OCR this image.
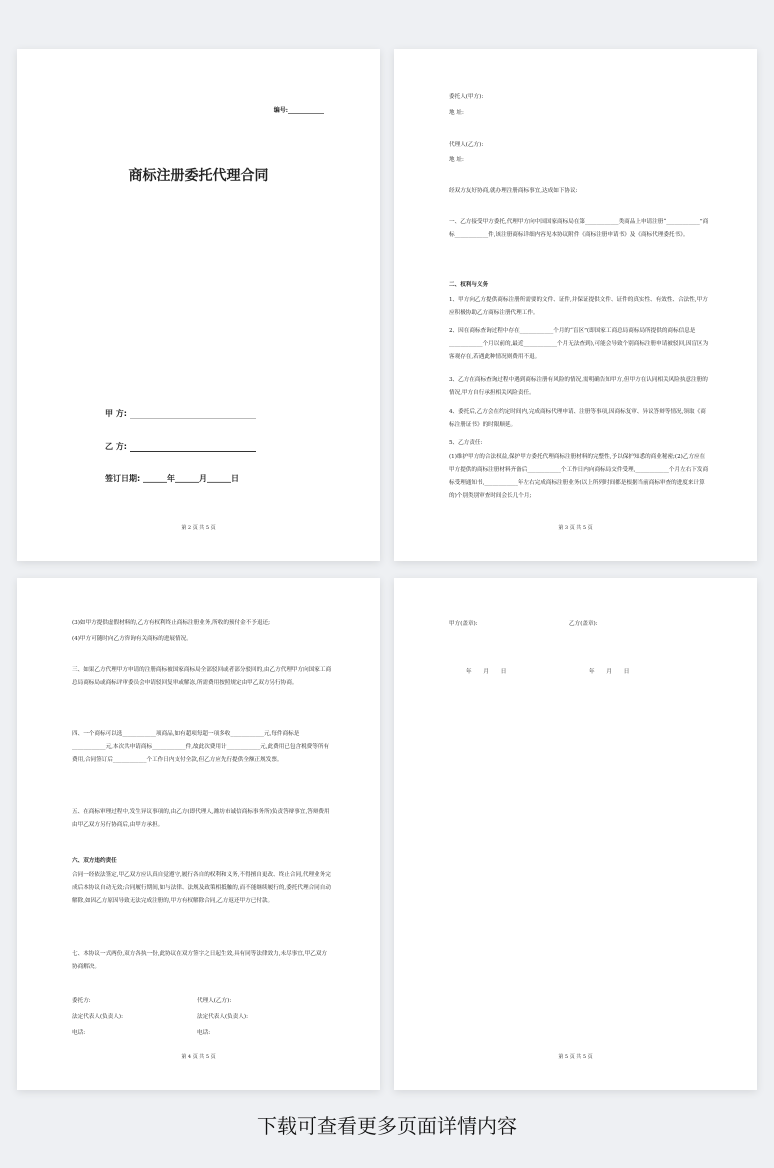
编号:____________
商标注册委托代理合同
甲 方:
乙 方:
签订日期: ______年______月______日
第 2 页 共 5 页
委托人(甲方):
地 址:
代理人(乙方):
地 址:
经双方友好协商,就办理注册商标事宜,达成如下协议:
一、乙方接受甲方委托,代理甲方向中国国家商标局在第____________类商品上申请注册“____________”商标____________件,该注册商标详细内容见本协议附件《商标注册申请书》及《商标代理委托书》。
二、权利与义务
1、甲方向乙方提供商标注册所需要的文件、证件,并保证提供文件、证件的真实性、有效性、合法性,甲方应积极协助乙方商标注册代理工作。
2、因在商标查询过程中存在____________个月的“盲区”(即国家工商总局商标局所提供的商标信息是____________个月以前的,最近____________个月无法查到),可能会导致个别商标注册申请被驳回,因盲区为客观存在,若遇此种情况则费用不退。
3、乙方在商标查询过程中遇到商标注册有风险的情况,需明确告知甲方,但甲方在认同相关风险执意注册的情况,甲方自行承担相关风险责任。
4、委托后,乙方会在约定时间内,完成商标代理申请、注册等事项,因商标复审、异议答辩等情况,领取《商标注册证书》的时限顺延。
5、乙方责任:
(1)维护甲方的合法权益,保护甲方委托代理商标注册材料的完整性,予以保护知悉的商业秘密;(2)乙方应在甲方提供的商标注册材料齐备后____________个工作日内向商标局交件受理,____________个月左右下发商标受理通知书,____________年左右完成商标注册业务(以上所列时间都是根据当前商标审查的进度来计算的)个别类别审查时间会长几个月;
第 3 页 共 5 页
(3)如甲方提供虚假材料的,乙方有权利终止商标注册业务,所收的预付金不予退还;
(4)甲方可随时向乙方咨询有关商标的进展情况。
三、如果乙方代理甲方申请的注册商标被国家商标局全部驳回或者部分驳回的,由乙方代理甲方向国家工商总局商标局或商标评审委员会申请驳回复审或解冻,所需费用按照规定由甲乙双方另行协商。
四、一个商标可以选____________项商品,如有超项每超一项多收____________元,每件商标是____________元,本次共申请商标____________件,故此次费用计____________元,此费用已包含税费等所有费用,合同签订后____________个工作日内支付全款,但乙方应先行提供全额正规发票。
五、在商标审理过程中,发生异议事项的,由乙方(即代理人,潍坊市诚信商标事务所)负责答辩事宜,答辩费用由甲乙双方另行协商后,由甲方承担。
六、双方违约责任
合同一经依法签定,甲乙双方应认真自觉遵守,履行各自的权利和义务,不得擅自更改、终止合同,代理业务完成后本协议自动无效;合同履行期间,如与法律、法规及政策相抵触的,而不能继续履行的,委托代理合同自动解除,如因乙方原因导致无法完成注册的,甲方有权解除合同,乙方返还甲方已付款。
七、本协议一式两份,双方各执一份,此协议在双方签字之日起生效,具有同等法律效力,未尽事宜,甲乙双方协商解决。
委托方:
法定代表人(负责人):
电话:
代理人(乙方):
法定代表人(负责人):
电话:
第 4 页 共 5 页
甲方(盖章):	乙方(盖章):
年 月 日	年 月 日
第 5 页 共 5 页
下载可查看更多页面详情内容
